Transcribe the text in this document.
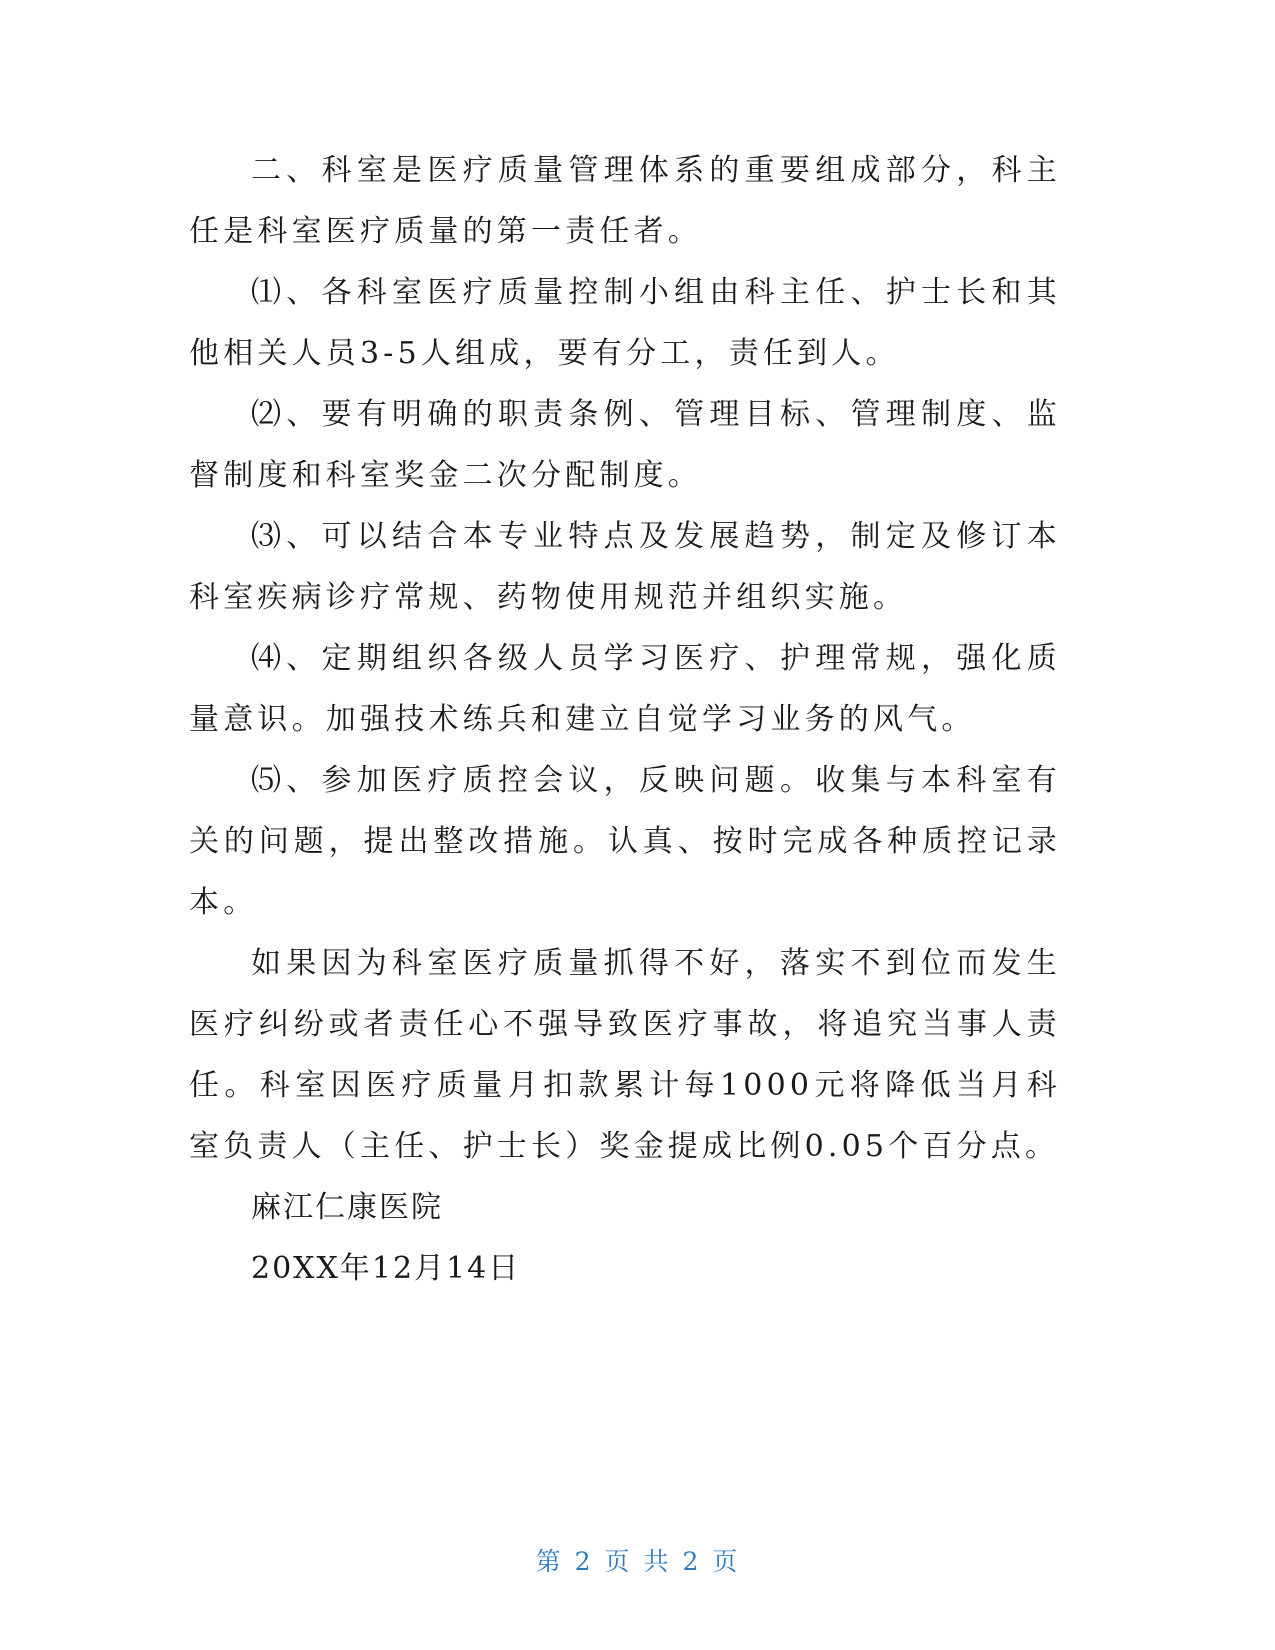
二、科室是医疗质量管理体系的重要组成部分，科主任是科室医疗质量的第一责任者。

⑴、各科室医疗质量控制小组由科主任、护士长和其他相关人员3-5人组成，要有分工，责任到人。

⑵、要有明确的职责条例、管理目标、管理制度、监督制度和科室奖金二次分配制度。

⑶、可以结合本专业特点及发展趋势，制定及修订本科室疾病诊疗常规、药物使用规范并组织实施。

⑷、定期组织各级人员学习医疗、护理常规，强化质量意识。加强技术练兵和建立自觉学习业务的风气。

⑸、参加医疗质控会议，反映问题。收集与本科室有关的问题，提出整改措施。认真、按时完成各种质控记录本。

如果因为科室医疗质量抓得不好，落实不到位而发生医疗纠纷或者责任心不强导致医疗事故，将追究当事人责任。科室因医疗质量月扣款累计每1000元将降低当月科室负责人（主任、护士长）奖金提成比例0.05个百分点。

麻江仁康医院

20XX年12月14日

第 2 页 共 2 页
